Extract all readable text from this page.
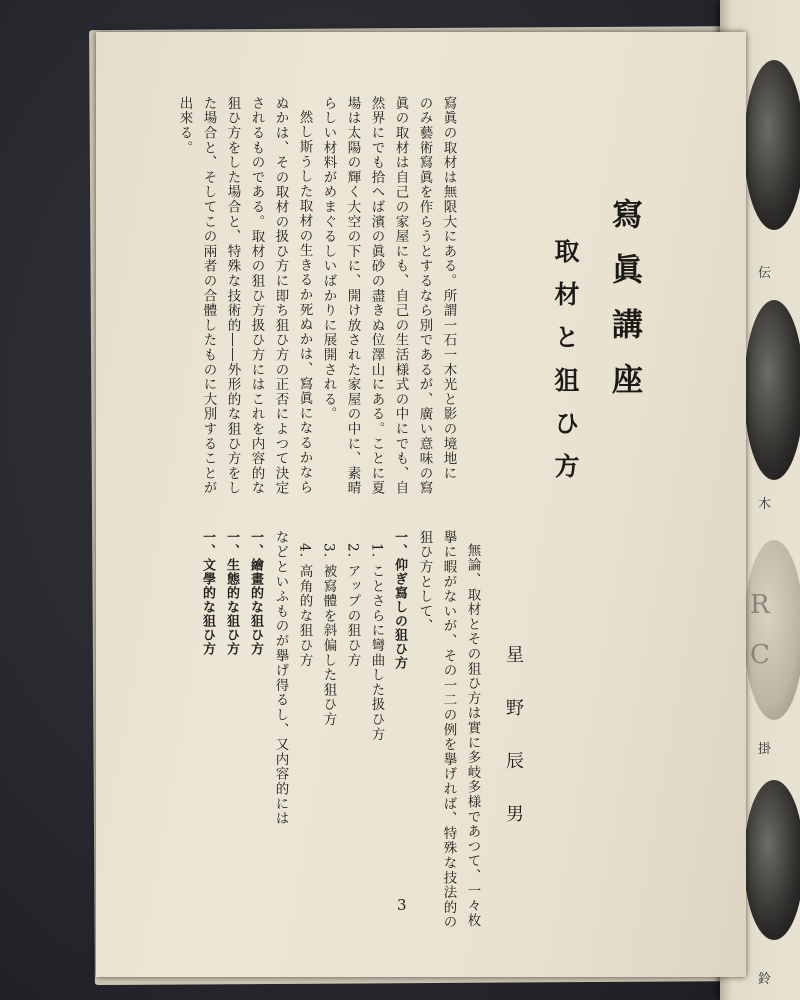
伝
木
R
C
掛
鈴
寫眞講座
取材と狙ひ方
星野辰男
寫眞の取材は無限大にある。所謂一石一木光と影の境地に
のみ藝術寫眞を作らうとするなら別であるが、廣い意味の寫
眞の取材は自己の家屋にも、自己の生活様式の中にでも、自
然界にでも拾へば濱の眞砂の盡きぬ位澤山にある。ことに夏
場は太陽の輝く大空の下に、開け放された家屋の中に、素晴
らしい材料がめまぐるしいばかりに展開される。
然し斯うした取材の生きるか死ぬかは、寫眞になるかなら
ぬかは、その取材の扱ひ方に即ち狙ひ方の正否によつて決定
されるものである。取材の狙ひ方扱ひ方にはこれを内容的な
狙ひ方をした場合と、特殊な技術的――外形的な狙ひ方をし
た場合と、そしてこの兩者の合體したものに大別することが
出來る。
無論、取材とその狙ひ方は實に多岐多様であつて、一々枚
擧に暇がないが、その一二の例を擧げれば、特殊な技法的の
狙ひ方として、
一、仰ぎ寫しの狙ひ方
1. ことさらに彎曲した扱ひ方
2. アップの狙ひ方
3. 被寫體を斜偏した狙ひ方
4. 高角的な狙ひ方
などといふものが擧げ得るし、又内容的には
一、繪畫的な狙ひ方
一、生態的な狙ひ方
一、文學的な狙ひ方
3
